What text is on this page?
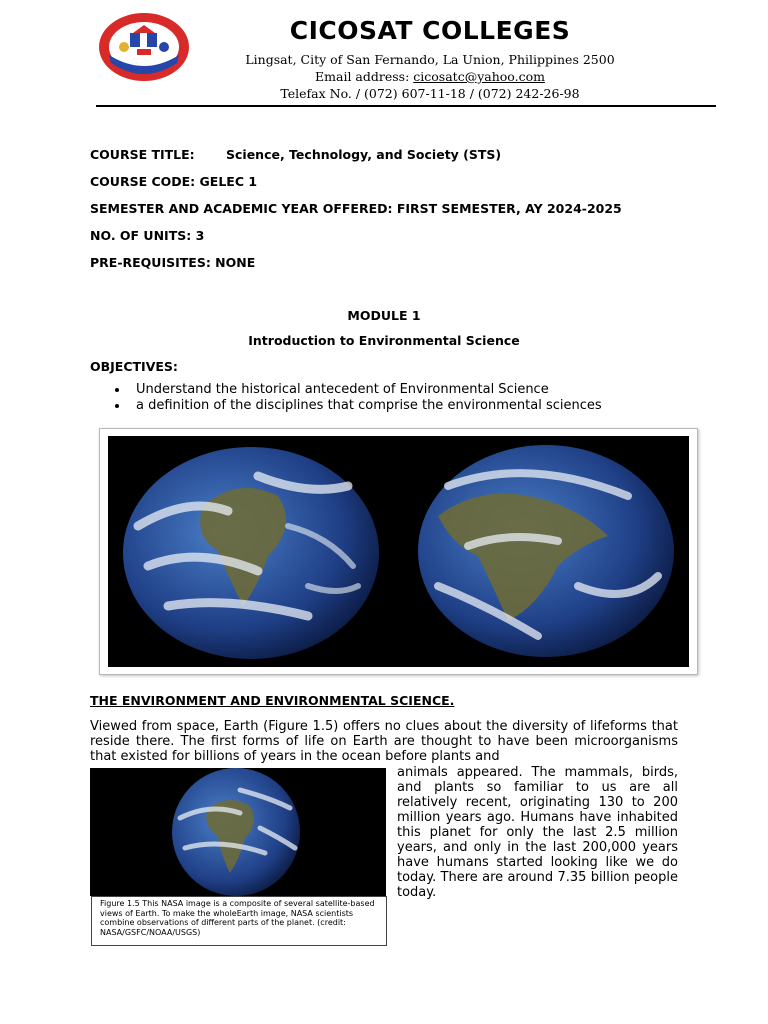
CICOSAT COLLEGES
Lingsat, City of San Fernando, La Union, Philippines 2500
Email address: cicosatc@yahoo.com
Telefax No. / (072) 607-11-18 / (072) 242-26-98
COURSE TITLE:	Science, Technology, and Society (STS)
COURSE CODE: GELEC 1
SEMESTER AND ACADEMIC YEAR OFFERED: FIRST SEMESTER, AY 2024-2025
NO. OF UNITS: 3
PRE-REQUISITES: NONE
MODULE 1
Introduction to Environmental Science
OBJECTIVES:
Understand the historical antecedent of Environmental Science
a definition of the disciplines that comprise the environmental sciences
THE ENVIRONMENT AND ENVIRONMENTAL SCIENCE.
Viewed from space, Earth (Figure 1.5) offers no clues about the diversity of lifeforms that reside there. The first forms of life on Earth are thought to have been microorganisms that existed for billions of years in the ocean before plants and
animals appeared. The mammals, birds, and plants so familiar to us are all relatively recent, originating 130 to 200 million years ago. Humans have inhabited this planet for only the last 2.5 million years, and only in the last 200,000 years have humans started looking like we do today. There are around 7.35 billion people today.
Figure 1.5 This NASA image is a composite of several satellite-based views of Earth. To make the wholeEarth image, NASA scientists combine observations of different parts of the planet. (credit: NASA/GSFC/NOAA/USGS)
